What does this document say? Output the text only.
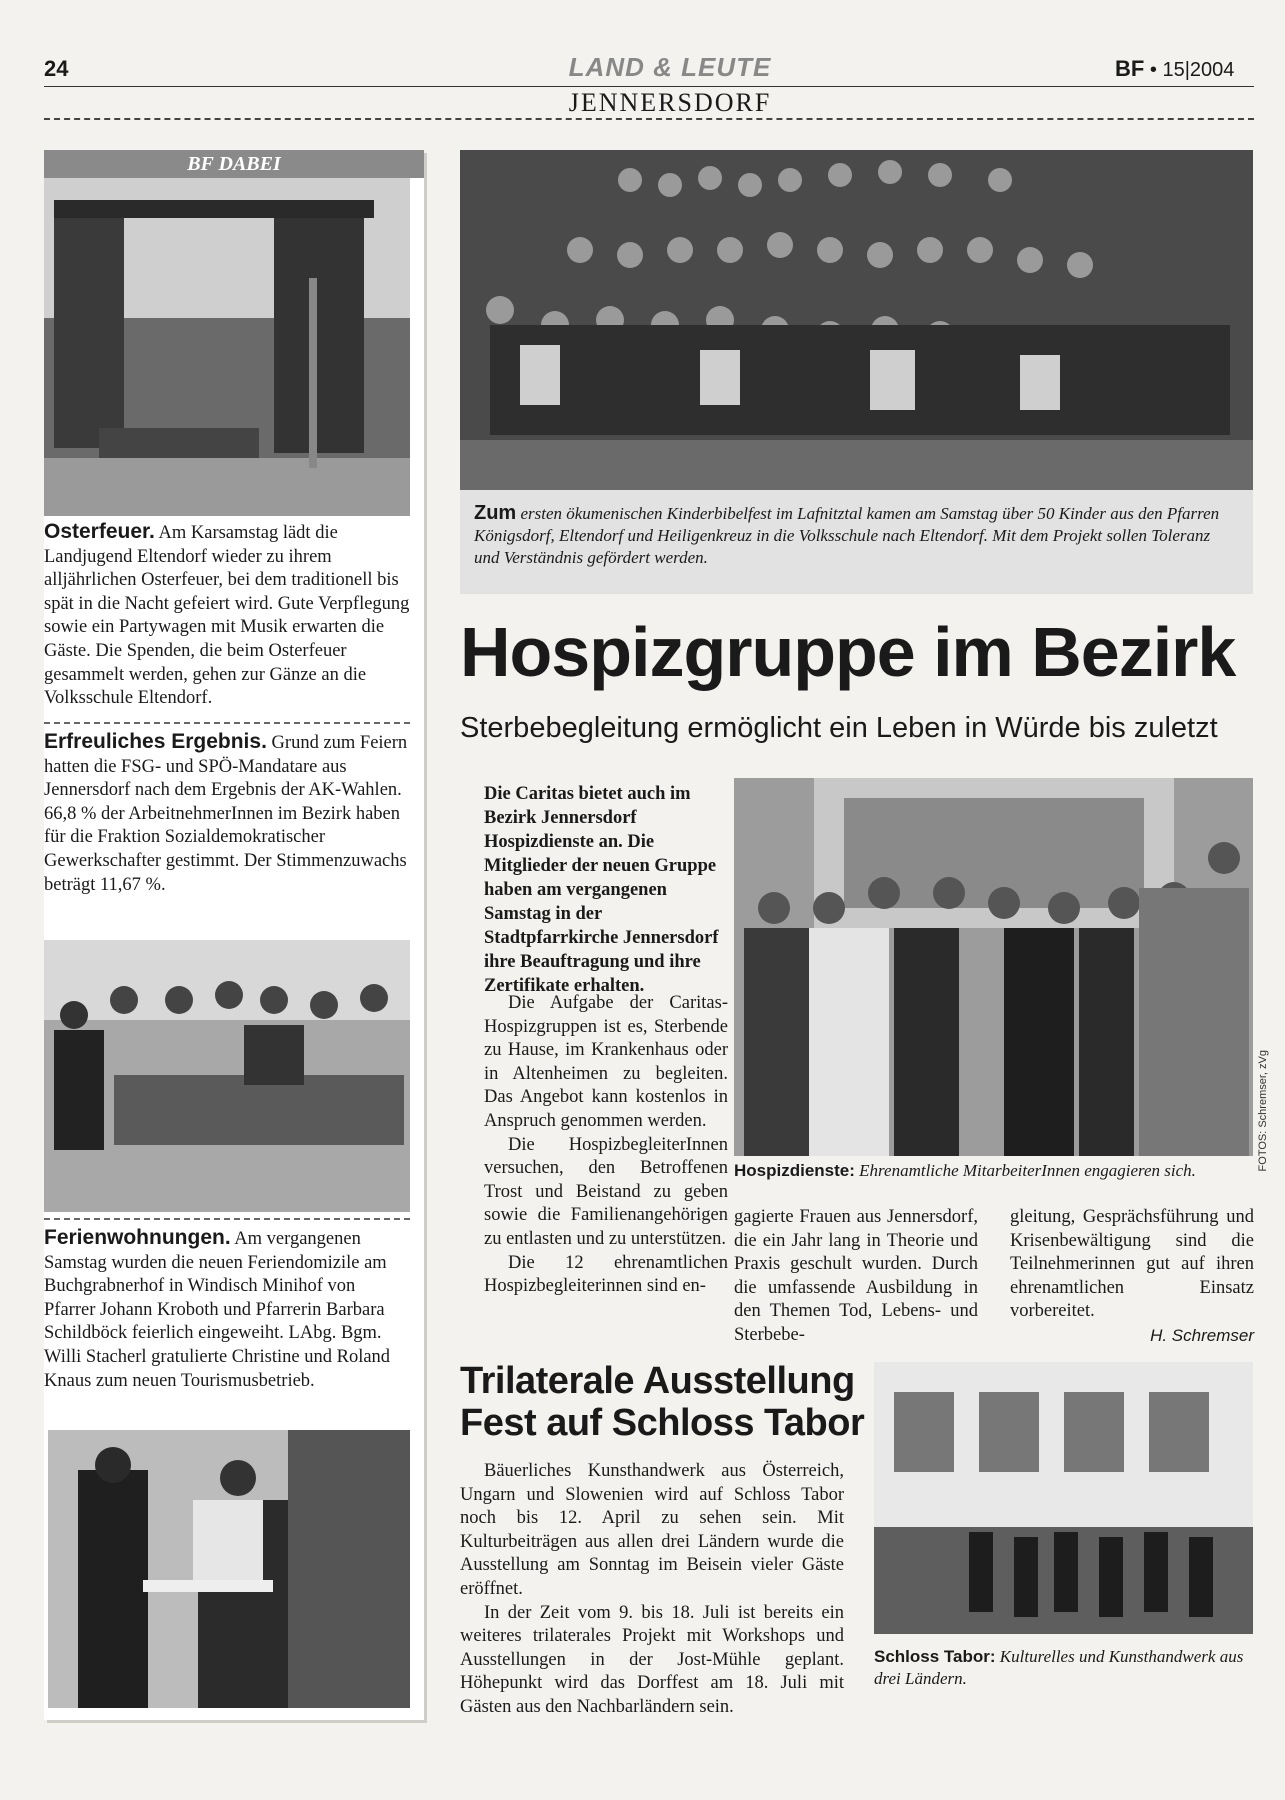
24	LAND & LEUTE	BF • 15|2004
JENNERSDORF
BF DABEI
Osterfeuer. Am Karsamstag lädt die Landjugend Eltendorf wieder zu ihrem alljährlichen Osterfeuer, bei dem traditionell bis spät in die Nacht gefeiert wird. Gute Verpflegung sowie ein Partywagen mit Musik erwarten die Gäste. Die Spenden, die beim Osterfeuer gesammelt werden, gehen zur Gänze an die Volksschule Eltendorf.
Erfreuliches Ergebnis. Grund zum Feiern hatten die FSG- und SPÖ-Mandatare aus Jennersdorf nach dem Ergebnis der AK-Wahlen. 66,8 % der ArbeitnehmerInnen im Bezirk haben für die Fraktion Sozialdemokratischer Gewerkschafter gestimmt. Der Stimmenzuwachs beträgt 11,67 %.
Ferienwohnungen. Am vergangenen Samstag wurden die neuen Feriendomizile am Buchgrabnerhof in Windisch Minihof von Pfarrer Johann Kroboth und Pfarrerin Barbara Schildböck feierlich eingeweiht. LAbg. Bgm. Willi Stacherl gratulierte Christine und Roland Knaus zum neuen Tourismusbetrieb.
Zum ersten ökumenischen Kinderbibelfest im Lafnitztal kamen am Samstag über 50 Kinder aus den Pfarren Königsdorf, Eltendorf und Heiligenkreuz in die Volksschule nach Eltendorf. Mit dem Projekt sollen Toleranz und Verständnis gefördert werden.
Hospizgruppe im Bezirk
Sterbebegleitung ermöglicht ein Leben in Würde bis zuletzt
Die Caritas bietet auch im Bezirk Jennersdorf Hospizdienste an. Die Mitglieder der neuen Gruppe haben am vergangenen Samstag in der Stadtpfarrkirche Jennersdorf ihre Beauftragung und ihre Zertifikate erhalten.
Die Aufgabe der Caritas-Hospizgruppen ist es, Sterbende zu Hause, im Krankenhaus oder in Altenheimen zu begleiten. Das Angebot kann kostenlos in Anspruch genommen werden.
Die HospizbegleiterInnen versuchen, den Betroffenen Trost und Beistand zu geben sowie die Familienangehörigen zu entlasten und zu unterstützen.
Die 12 ehrenamtlichen Hospizbegleiterinnen sind en-
FOTOS: Schremser, zVg
Hospizdienste: Ehrenamtliche MitarbeiterInnen engagieren sich.
gagierte Frauen aus Jennersdorf, die ein Jahr lang in Theorie und Praxis geschult wurden. Durch die umfassende Ausbildung in den Themen Tod, Lebens- und Sterbebe-
gleitung, Gesprächsführung und Krisenbewältigung sind die Teilnehmerinnen gut auf ihren ehrenamtlichen Einsatz vorbereitet.
H. Schremser
Trilaterale Ausstellung
Fest auf Schloss Tabor
Bäuerliches Kunsthandwerk aus Österreich, Ungarn und Slowenien wird auf Schloss Tabor noch bis 12. April zu sehen sein. Mit Kulturbeiträgen aus allen drei Ländern wurde die Ausstellung am Sonntag im Beisein vieler Gäste eröffnet.
In der Zeit vom 9. bis 18. Juli ist bereits ein weiteres trilaterales Projekt mit Workshops und Ausstellungen in der Jost-Mühle geplant. Höhepunkt wird das Dorffest am 18. Juli mit Gästen aus den Nachbarländern sein.
Schloss Tabor: Kulturelles und Kunsthandwerk aus drei Ländern.
